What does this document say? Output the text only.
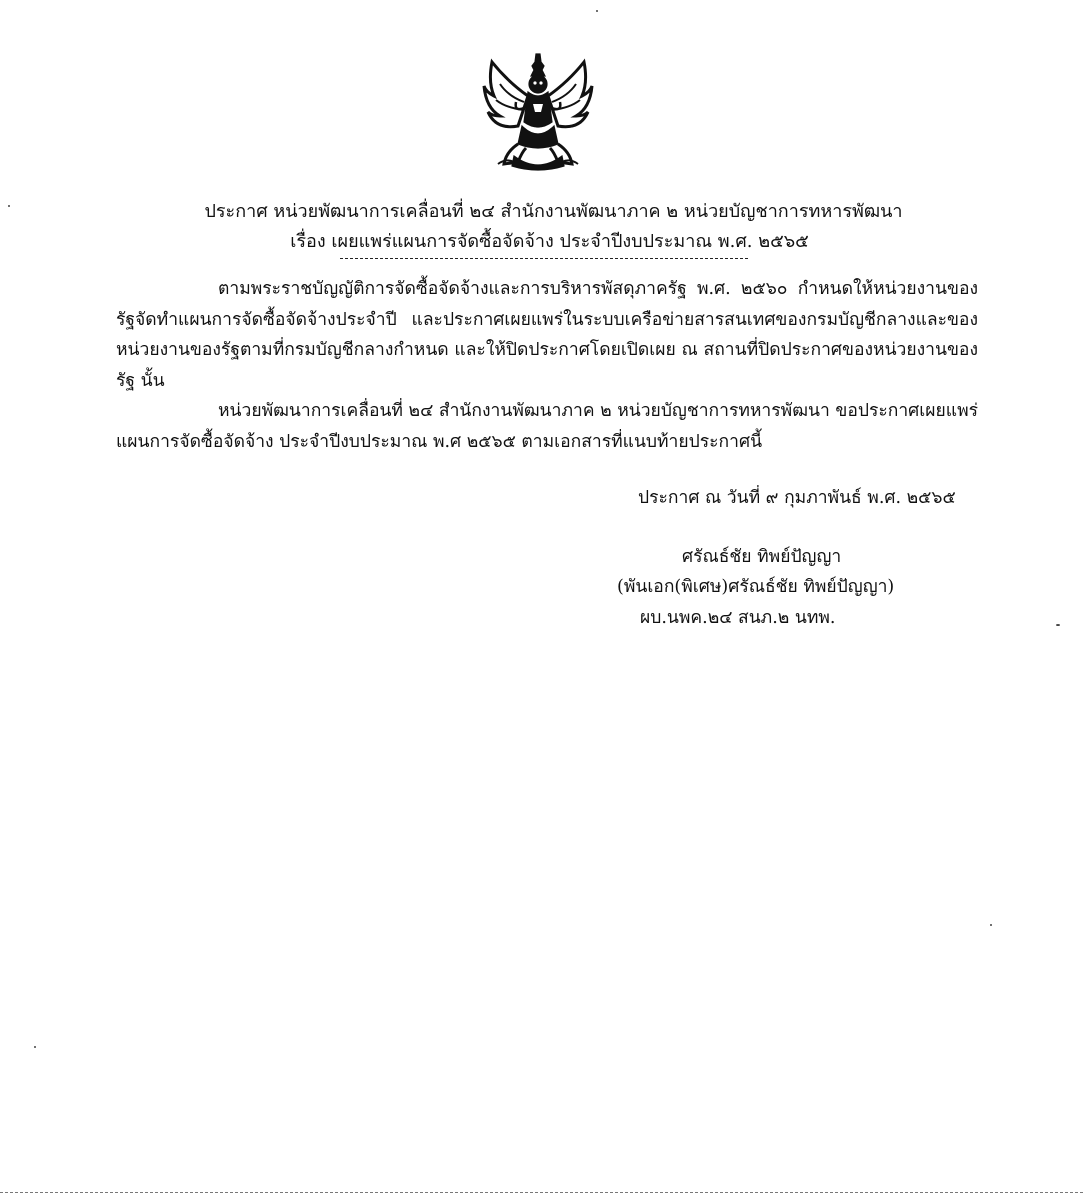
ประกาศ หน่วยพัฒนาการเคลื่อนที่ ๒๔ สำนักงานพัฒนาภาค ๒ หน่วยบัญชาการทหารพัฒนา
เรื่อง เผยแพร่แผนการจัดซื้อจัดจ้าง ประจำปีงบประมาณ พ.ศ. ๒๕๖๕
ตามพระราชบัญญัติการจัดซื้อจัดจ้างและการบริหารพัสดุภาครัฐ พ.ศ. ๒๕๖๐ กำหนดให้หน่วยงานของรัฐจัดทำแผนการจัดซื้อจัดจ้างประจำปี และประกาศเผยแพร่ในระบบเครือข่ายสารสนเทศของกรมบัญชีกลางและของหน่วยงานของรัฐตามที่กรมบัญชีกลางกำหนด และให้ปิดประกาศโดยเปิดเผย ณ สถานที่ปิดประกาศของหน่วยงานของรัฐ นั้น
หน่วยพัฒนาการเคลื่อนที่ ๒๔ สำนักงานพัฒนาภาค ๒ หน่วยบัญชาการทหารพัฒนา ขอประกาศเผยแพร่แผนการจัดซื้อจัดจ้าง ประจำปีงบประมาณ พ.ศ ๒๕๖๕ ตามเอกสารที่แนบท้ายประกาศนี้
ประกาศ ณ วันที่ ๙ กุมภาพันธ์ พ.ศ. ๒๕๖๕
ศรัณธ์ชัย ทิพย์ปัญญา
(พันเอก(พิเศษ)ศรัณธ์ชัย ทิพย์ปัญญา)
ผบ.นพค.๒๔ สนภ.๒ นทพ.
